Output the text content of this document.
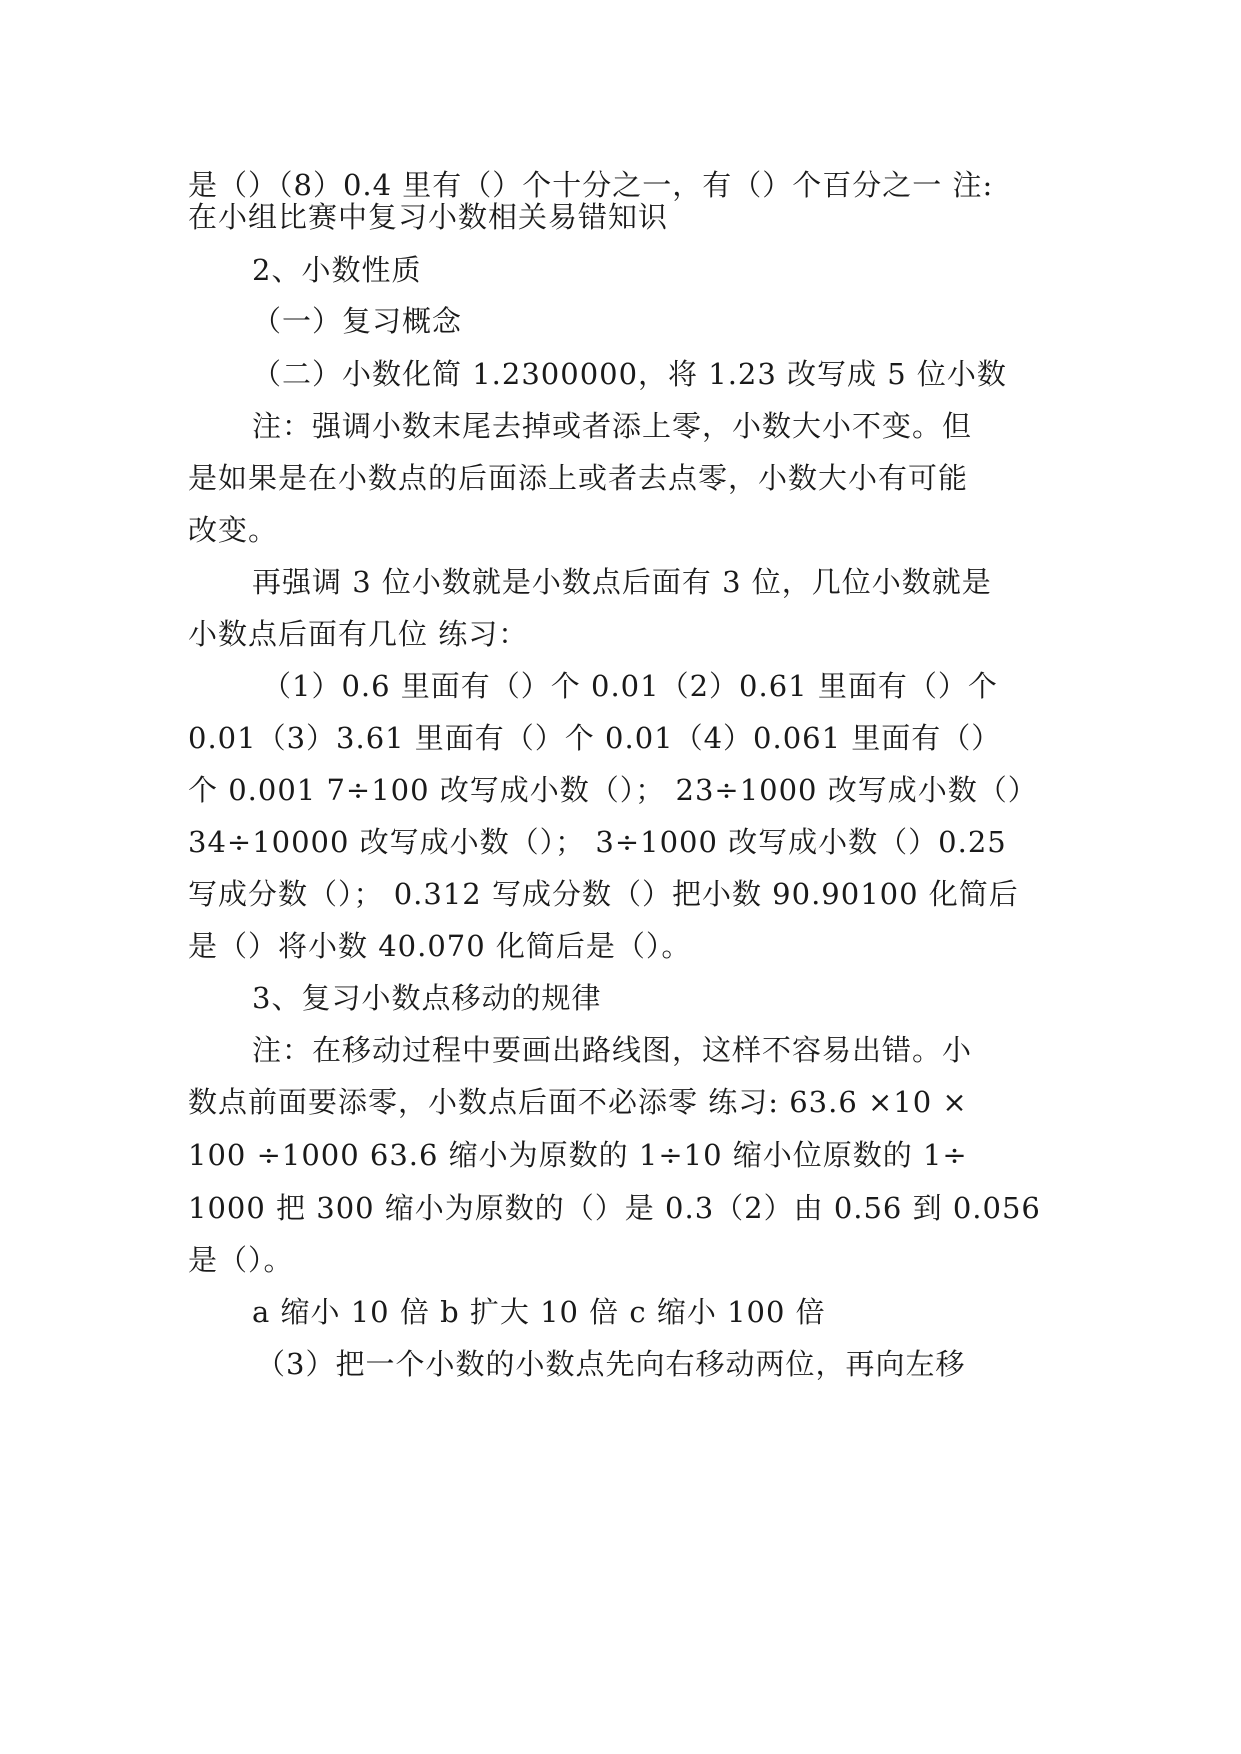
是（）（8）0.4 里有（）个十分之一，有（）个百分之一 注:
在小组比赛中复习小数相关易错知识
2、小数性质
（一）复习概念
（二）小数化简 1.2300000，将 1.23 改写成 5 位小数
注：强调小数末尾去掉或者添上零，小数大小不变。但
是如果是在小数点的后面添上或者去点零，小数大小有可能
改变。
再强调 3 位小数就是小数点后面有 3 位，几位小数就是
小数点后面有几位 练习：
（1）0.6 里面有（）个 0.01（2）0.61 里面有（）个
0.01（3）3.61 里面有（）个 0.01（4）0.061 里面有（）
个 0.001 7÷100 改写成小数（）； 23÷1000 改写成小数（）
34÷10000 改写成小数（）； 3÷1000 改写成小数（）0.25
写成分数（）； 0.312 写成分数（）把小数 90.90100 化简后
是（）将小数 40.070 化简后是（）。
3、复习小数点移动的规律
注：在移动过程中要画出路线图，这样不容易出错。小
数点前面要添零，小数点后面不必添零 练习: 63.6 ×10 ×
100 ÷1000 63.6 缩小为原数的 1÷10 缩小位原数的 1÷
1000 把 300 缩小为原数的（）是 0.3（2）由 0.56 到 0.056
是（）。
a 缩小 10 倍 b 扩大 10 倍 c 缩小 100 倍
（3）把一个小数的小数点先向右移动两位，再向左移
